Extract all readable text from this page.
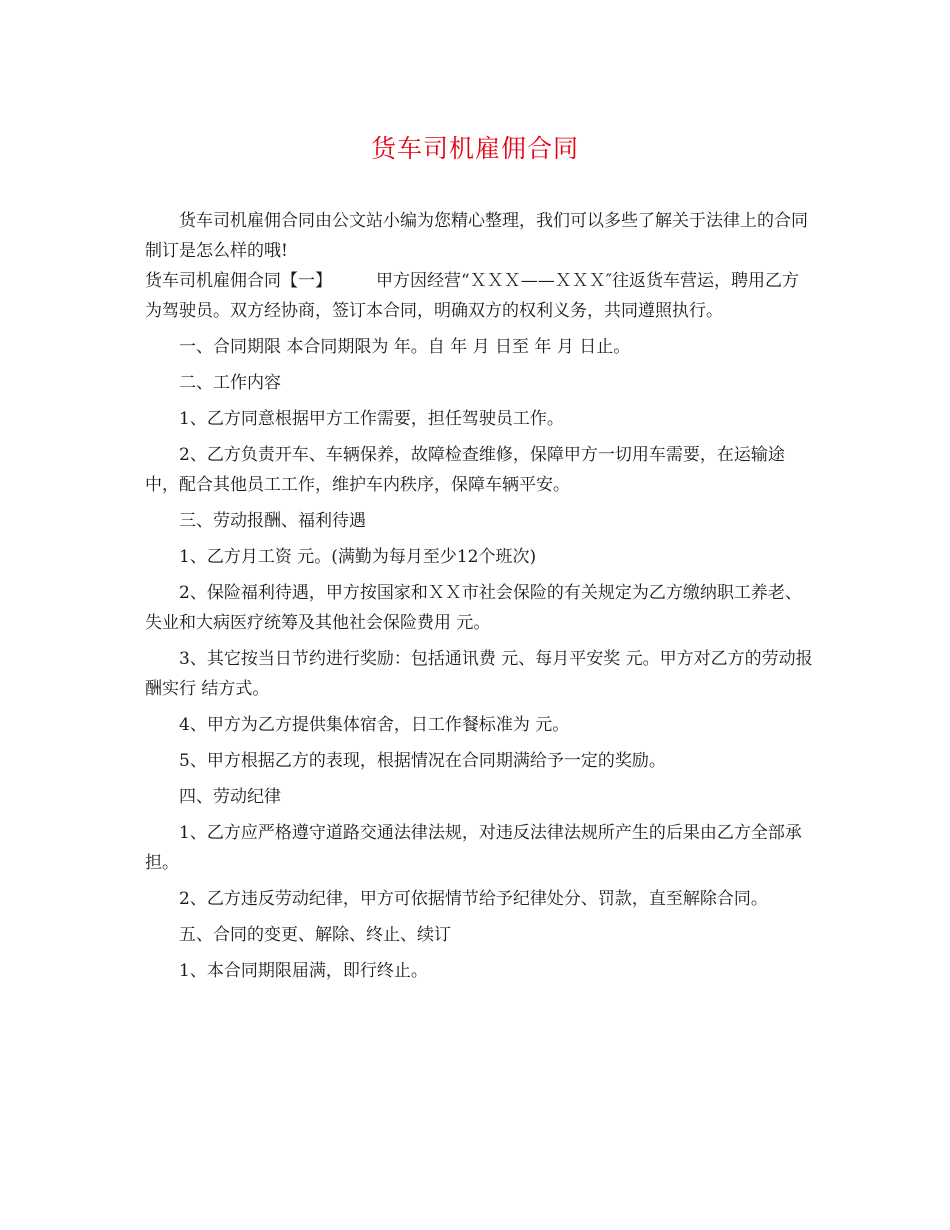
货车司机雇佣合同

货车司机雇佣合同由公文站小编为您精心整理，我们可以多些了解关于法律上的合同制订是怎么样的哦!

货车司机雇佣合同【一】	甲方因经营“ＸＸＸ——ＸＸＸ″往返货车营运，聘用乙方为驾驶员。双方经协商，签订本合同，明确双方的权利义务，共同遵照执行。

一、合同期限 本合同期限为 年。自 年 月 日至 年 月 日止。

二、工作内容

1、乙方同意根据甲方工作需要，担任驾驶员工作。

2、乙方负责开车、车辆保养，故障检查维修，保障甲方一切用车需要，在运输途中，配合其他员工工作，维护车内秩序，保障车辆平安。

三、劳动报酬、福利待遇

1、乙方月工资 元。(满勤为每月至少12个班次)

2、保险福利待遇，甲方按国家和ＸＸ市社会保险的有关规定为乙方缴纳职工养老、失业和大病医疗统筹及其他社会保险费用 元。

3、其它按当日节约进行奖励：包括通讯费 元、每月平安奖 元。甲方对乙方的劳动报酬实行 结方式。

4、甲方为乙方提供集体宿舍，日工作餐标准为 元。

5、甲方根据乙方的表现，根据情况在合同期满给予一定的奖励。

四、劳动纪律

1、乙方应严格遵守道路交通法律法规，对违反法律法规所产生的后果由乙方全部承担。

2、乙方违反劳动纪律，甲方可依据情节给予纪律处分、罚款，直至解除合同。

五、合同的变更、解除、终止、续订

1、本合同期限届满，即行终止。
